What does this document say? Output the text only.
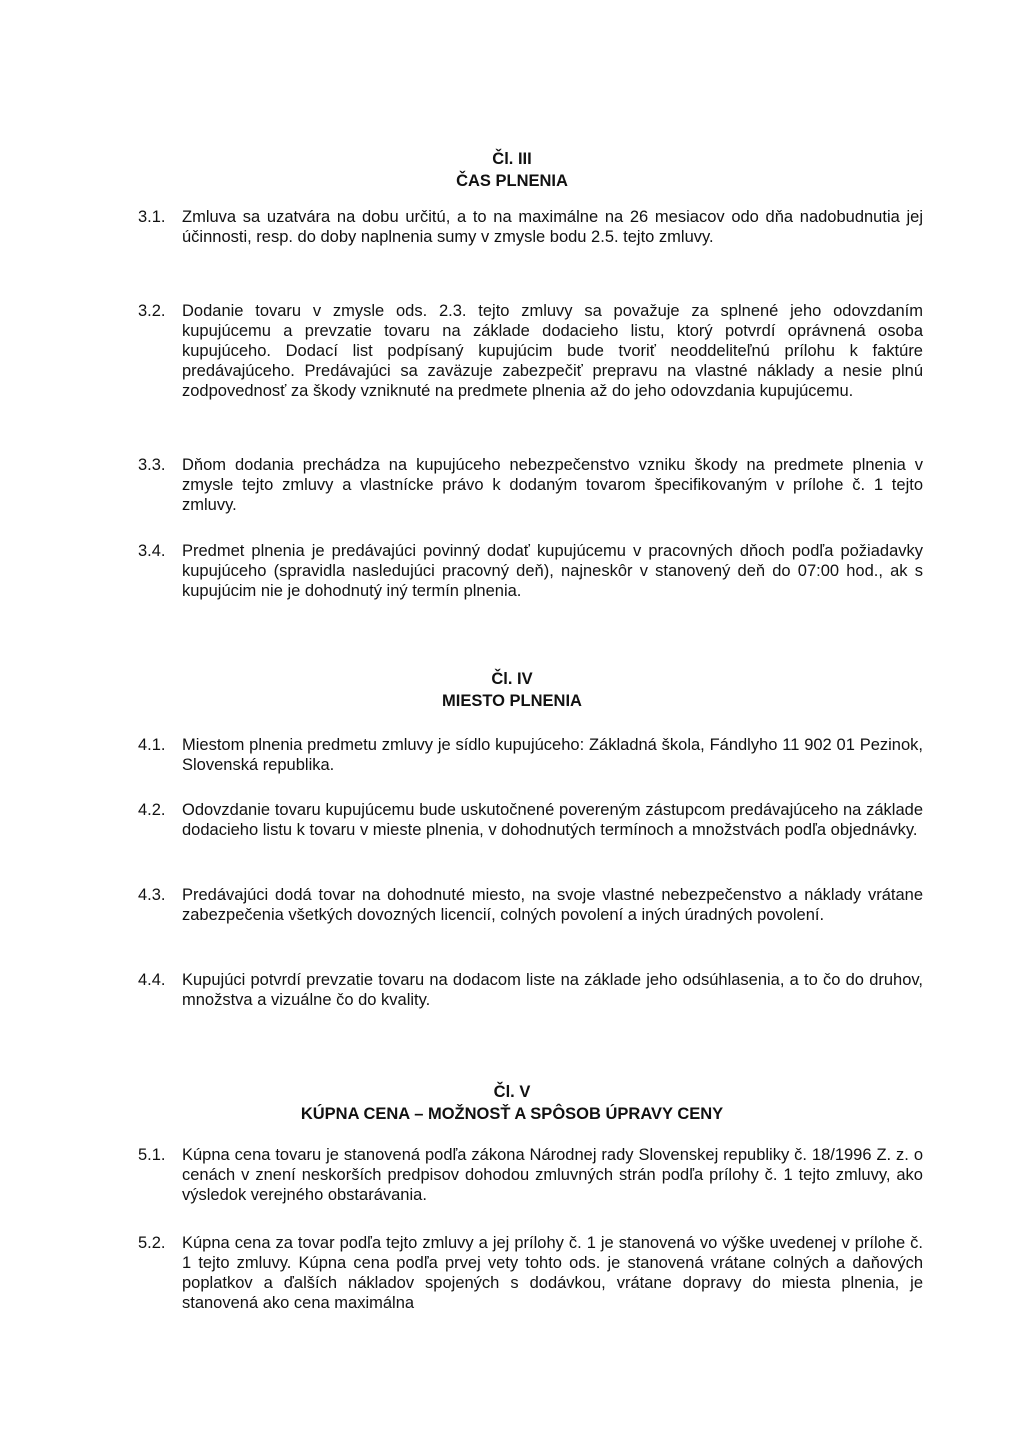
Čl. III
ČAS PLNENIA
3.1. Zmluva sa uzatvára na dobu určitú, a to na maximálne na 26 mesiacov odo dňa nadobudnutia jej účinnosti, resp. do doby naplnenia sumy v zmysle bodu 2.5. tejto zmluvy.
3.2. Dodanie tovaru v zmysle ods. 2.3. tejto zmluvy sa považuje za splnené jeho odovzdaním kupujúcemu a prevzatie tovaru na základe dodacieho listu, ktorý potvrdí oprávnená osoba kupujúceho. Dodací list podpísaný kupujúcim bude tvoriť neoddeliteľnú prílohu k faktúre predávajúceho. Predávajúci sa zaväzuje zabezpečiť prepravu na vlastné náklady a nesie plnú zodpovednosť za škody vzniknuté na predmete plnenia až do jeho odovzdania kupujúcemu.
3.3. Dňom dodania prechádza na kupujúceho nebezpečenstvo vzniku škody na predmete plnenia v zmysle tejto zmluvy a vlastnícke právo k dodaným tovarom špecifikovaným v prílohe č. 1 tejto zmluvy.
3.4. Predmet plnenia je predávajúci povinný dodať kupujúcemu v pracovných dňoch podľa požiadavky kupujúceho (spravidla nasledujúci pracovný deň), najneskôr v stanovený deň do 07:00 hod., ak s kupujúcim nie je dohodnutý iný termín plnenia.
Čl. IV
MIESTO PLNENIA
4.1. Miestom plnenia predmetu zmluvy je sídlo kupujúceho: Základná škola, Fándlyho 11 902 01 Pezinok, Slovenská republika.
4.2. Odovzdanie tovaru kupujúcemu bude uskutočnené povereným zástupcom predávajúceho na základe dodacieho listu k tovaru v mieste plnenia, v dohodnutých termínoch a množstvách podľa objednávky.
4.3. Predávajúci dodá tovar na dohodnuté miesto, na svoje vlastné nebezpečenstvo a náklady vrátane zabezpečenia všetkých dovozných licencií, colných povolení a iných úradných povolení.
4.4. Kupujúci potvrdí prevzatie tovaru na dodacom liste na základe jeho odsúhlasenia, a to čo do druhov, množstva a vizuálne čo do kvality.
Čl. V
KÚPNA CENA – MOŽNOSŤ A SPÔSOB ÚPRAVY CENY
5.1. Kúpna cena tovaru je stanovená podľa zákona Národnej rady Slovenskej republiky č. 18/1996 Z. z. o cenách v znení neskorších predpisov dohodou zmluvných strán podľa prílohy č. 1 tejto zmluvy, ako výsledok verejného obstarávania.
5.2. Kúpna cena za tovar podľa tejto zmluvy a jej prílohy č. 1 je stanovená vo výške uvedenej v prílohe č. 1 tejto zmluvy. Kúpna cena podľa prvej vety tohto ods. je stanovená vrátane colných a daňových poplatkov a ďalších nákladov spojených s dodávkou, vrátane dopravy do miesta plnenia, je stanovená ako cena maximálna
